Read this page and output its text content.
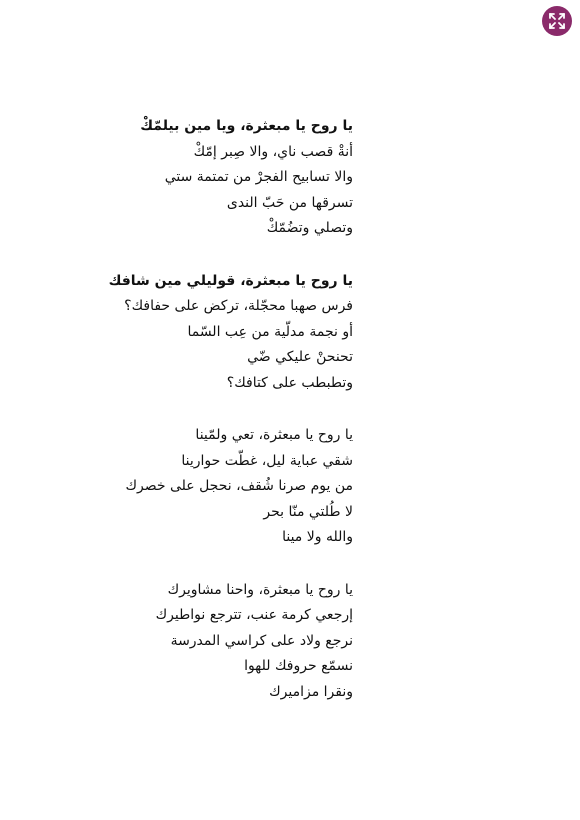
يا روح يا مبعثرة، ويا مين بيلمّكْ
أنةْ قصب ناي، والا صِبر إمّكْ
والا تسابيح الفجرْ من تمتمة ستي
تسرقها من حَبّ الندى
وتصلي وتضُمّكْ
يا روح يا مبعثرة، قوليلي مين شافك
فرس صهبا محجّلة، تركض على حفافك؟
أو نجمة مدلّية من عِب السّما
تحنحنْ عليكي ضّي
وتطبطب على كتافك؟
يا روح يا مبعثرة، تعي ولمّينا
شقي عباية ليل، غطّت حوارينا
من يوم صرنا شُقف، نحجل على خصرك
لا طُلتي منّا بحر
والله ولا مينا
يا روح يا مبعثرة، واحنا مشاويرك
إرجعي كرمة عنب، تترجع نواطيرك
نرجع ولاد على كراسي المدرسة
نسمّع حروفك للهوا
ونقرا مزاميرك
